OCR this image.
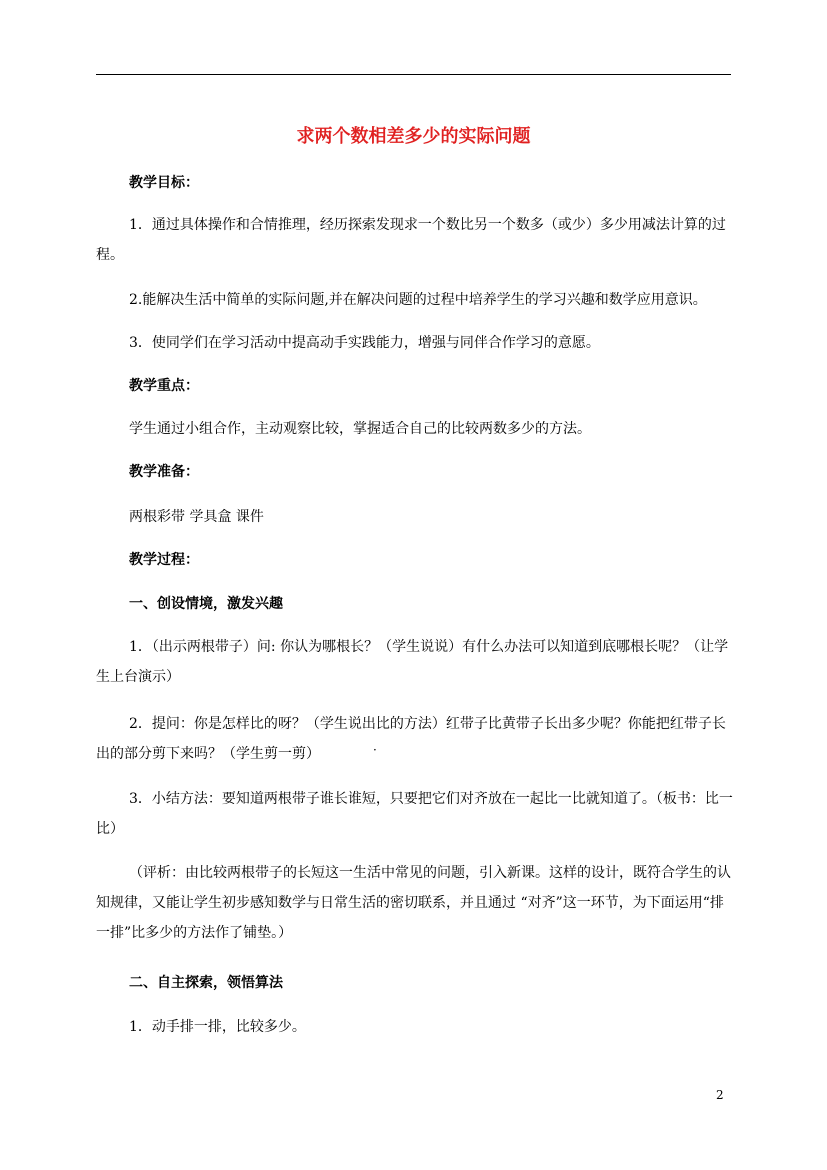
求两个数相差多少的实际问题
教学目标：
1．通过具体操作和合情推理，经历探索发现求一个数比另一个数多（或少）多少用减法计算的过程。
2.能解决生活中简单的实际问题,并在解决问题的过程中培养学生的学习兴趣和数学应用意识。
3．使同学们在学习活动中提高动手实践能力，增强与同伴合作学习的意愿。
教学重点：
学生通过小组合作，主动观察比较，掌握适合自己的比较两数多少的方法。
教学准备：
两根彩带 学具盒 课件
教学过程：
一、创设情境，激发兴趣
1．（出示两根带子）问: 你认为哪根长？（学生说说）有什么办法可以知道到底哪根长呢？（让学生上台演示）
2．提问：你是怎样比的呀？（学生说出比的方法）红带子比黄带子长出多少呢？你能把红带子长出的部分剪下来吗？（学生剪一剪）	·
3．小结方法：要知道两根带子谁长谁短，只要把它们对齐放在一起比一比就知道了。（板书：比一比）
（评析：由比较两根带子的长短这一生活中常见的问题，引入新课。这样的设计，既符合学生的认知规律，又能让学生初步感知数学与日常生活的密切联系，并且通过 “对齐”这一环节，为下面运用“排一排”比多少的方法作了铺垫。）
二、自主探索，领悟算法
1．动手排一排，比较多少。
2
